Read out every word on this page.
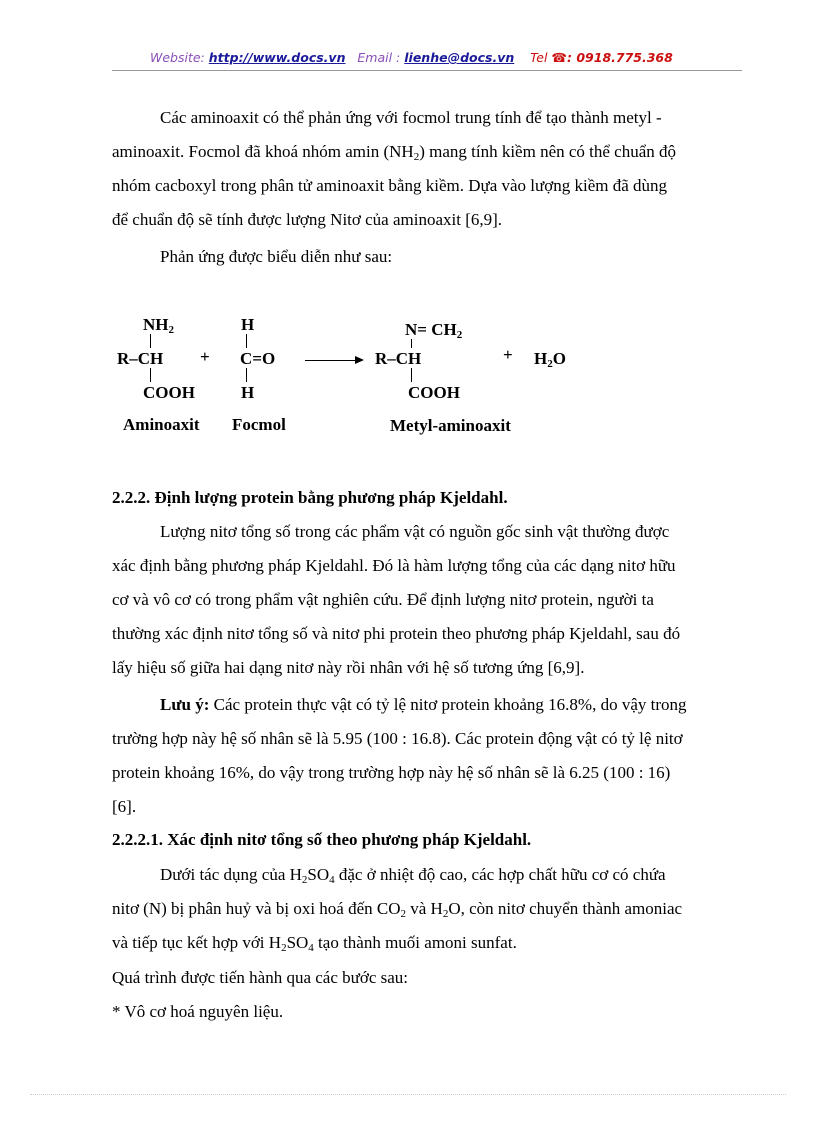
Website: http://www.docs.vn Email : lienhe@docs.vn Tel ☎: 0918.775.368
Các aminoaxit có thể phản ứng với focmol trung tính để tạo thành metyl -
aminoaxit. Focmol đã khoá nhóm amin $(NH_2)$ mang tính kiềm nên có thể chuẩn độ
nhóm cacboxyl trong phân tử aminoaxit bằng kiềm. Dựa vào lượng kiềm đã dùng
để chuẩn độ sẽ tính được lượng Nitơ của aminoaxit [6,9].
Phản ứng được biểu diễn như sau:
$NH_2$
R–CH
COOH
Aminoaxit
+
H
C=O
H
Focmol
$N= CH_2$
R–CH
COOH
Metyl-aminoaxit
+ $H_2O$
2.2.2. Định lượng protein bằng phương pháp Kjeldahl.
Lượng nitơ tổng số trong các phẩm vật có nguồn gốc sinh vật thường được
xác định bằng phương pháp Kjeldahl. Đó là hàm lượng tổng của các dạng nitơ hữu
cơ và vô cơ có trong phẩm vật nghiên cứu. Để định lượng nitơ protein, người ta
thường xác định nitơ tổng số và nitơ phi protein theo phương pháp Kjeldahl, sau đó
lấy hiệu số giữa hai dạng nitơ này rồi nhân với hệ số tương ứng [6,9].
Lưu ý: Các protein thực vật có tỷ lệ nitơ protein khoảng 16.8%, do vậy trong
trường hợp này hệ số nhân sẽ là 5.95 (100 : 16.8). Các protein động vật có tỷ lệ nitơ
protein khoảng 16%, do vậy trong trường hợp này hệ số nhân sẽ là 6.25 (100 : 16)
[6].
2.2.2.1. Xác định nitơ tổng số theo phương pháp Kjeldahl.
Dưới tác dụng của $H_2SO_4$ đặc ở nhiệt độ cao, các hợp chất hữu cơ có chứa
nitơ (N) bị phân huỷ và bị oxi hoá đến $CO_2$ và $H_2O$, còn nitơ chuyển thành amoniac
và tiếp tục kết hợp với $H_2SO_4$ tạo thành muối amoni sunfat.
Quá trình được tiến hành qua các bước sau:
* Vô cơ hoá nguyên liệu.
